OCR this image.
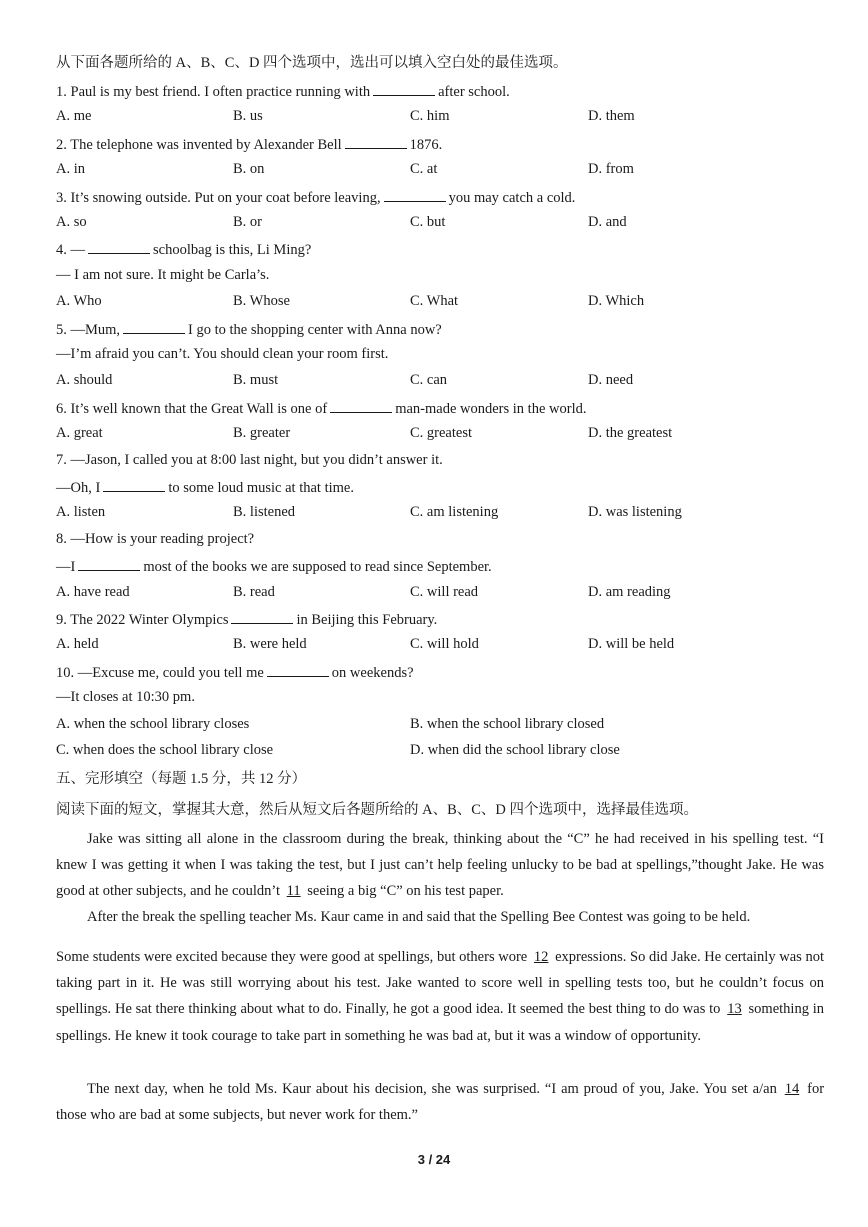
从下面各题所给的 A、B、C、D 四个选项中，选出可以填入空白处的最佳选项。
1. Paul is my best friend. I often practice running with	after school.
A. me	B. us	C. him	D. them
2. The telephone was invented by Alexander Bell	1876.
A. in	B. on	C. at	D. from
3. It’s snowing outside. Put on your coat before leaving,	you may catch a cold.
A. so	B. or	C. but	D. and
4. —	schoolbag is this, Li Ming?
— I am not sure. It might be Carla’s.
A. Who	B. Whose	C. What	D. Which
5. —Mum,	I go to the shopping center with Anna now?
—I’m afraid you can’t. You should clean your room first.
A. should	B. must	C. can	D. need
6. It’s well known that the Great Wall is one of	man-made wonders in the world.
A. great	B. greater	C. greatest	D. the greatest
7. —Jason, I called you at 8:00 last night, but you didn’t answer it.
—Oh, I	to some loud music at that time.
A. listen	B. listened	C. am listening	D. was listening
8. —How is your reading project?
—I	most of the books we are supposed to read since September.
A. have read	B. read	C. will read	D. am reading
9. The 2022 Winter Olympics	in Beijing this February.
A. held	B. were held	C. will hold	D. will be held
10. —Excuse me, could you tell me	on weekends?
—It closes at 10:30 pm.
A. when the school library closes	B. when the school library closed
C. when does the school library close	D. when did the school library close
五、完形填空（每题 1.5 分，共 12 分）
阅读下面的短文，掌握其大意，然后从短文后各题所给的 A、B、C、D 四个选项中，选择最佳选项。
Jake was sitting all alone in the classroom during the break, thinking about the “C” he had received in his spelling test. “I knew I was getting it when I was taking the test, but I just can’t help feeling unlucky to be bad at spellings,”thought Jake. He was good at other subjects, and he couldn’t 11 seeing a big “C” on his test paper.
After the break the spelling teacher Ms. Kaur came in and said that the Spelling Bee Contest was going to be held.
Some students were excited because they were good at spellings, but others wore 12 expressions. So did Jake. He certainly was not taking part in it. He was still worrying about his test. Jake wanted to score well in spelling tests too, but he couldn’t focus on spellings. He sat there thinking about what to do. Finally, he got a good idea. It seemed the best thing to do was to 13 something in spellings. He knew it took courage to take part in something he was bad at, but it was a window of opportunity.
The next day, when he told Ms. Kaur about his decision, she was surprised. “I am proud of you, Jake. You set a/an 14 for those who are bad at some subjects, but never work for them.”
3 / 24
